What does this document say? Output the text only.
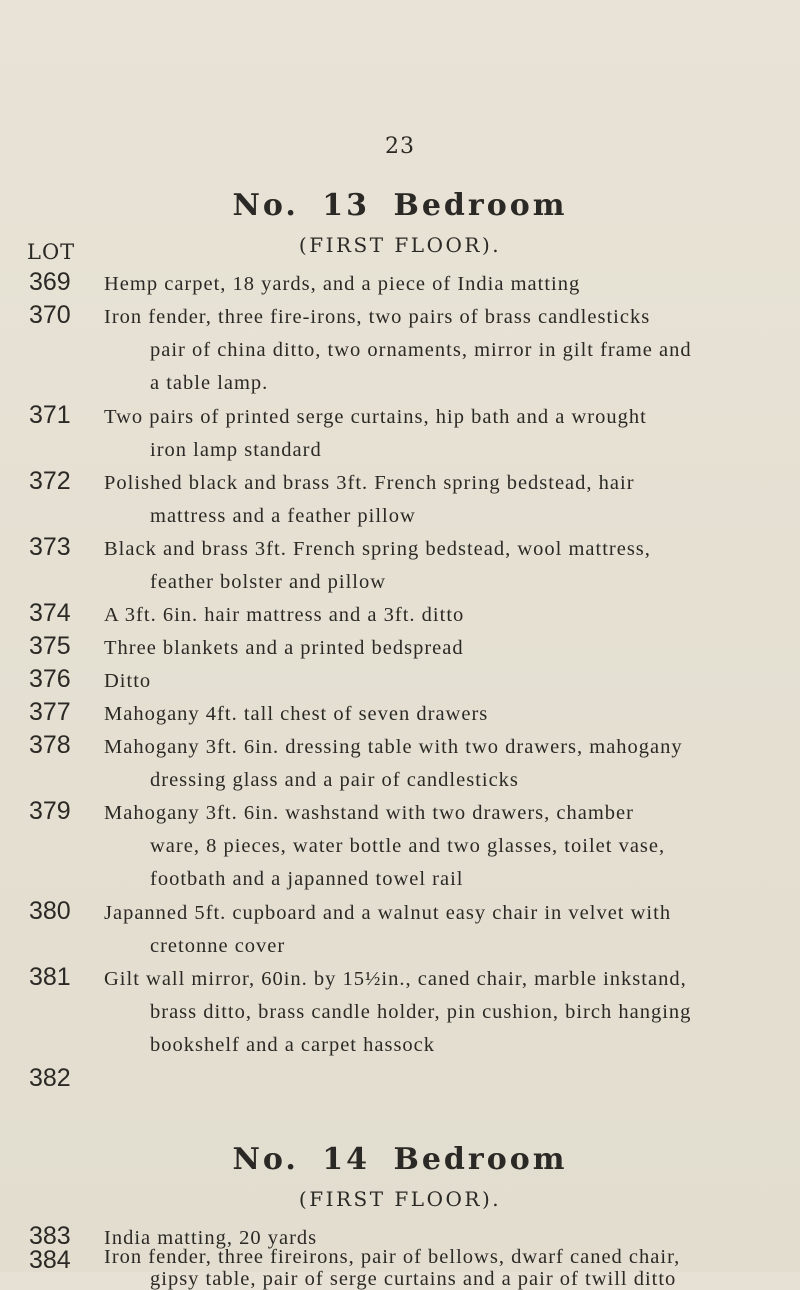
23
No. 13 Bedroom
(FIRST FLOOR).
LOT
369 Hemp carpet, 18 yards, and a piece of India matting
370 Iron fender, three fire-irons, two pairs of brass candlesticks
pair of china ditto, two ornaments, mirror in gilt frame and
a table lamp.
371 Two pairs of printed serge curtains, hip bath and a wrought
iron lamp standard
372 Polished black and brass 3ft. French spring bedstead, hair
mattress and a feather pillow
373 Black and brass 3ft. French spring bedstead, wool mattress,
feather bolster and pillow
374 A 3ft. 6in. hair mattress and a 3ft. ditto
375 Three blankets and a printed bedspread
376 Ditto
377 Mahogany 4ft. tall chest of seven drawers
378 Mahogany 3ft. 6in. dressing table with two drawers, mahogany
dressing glass and a pair of candlesticks
379 Mahogany 3ft. 6in. washstand with two drawers, chamber
ware, 8 pieces, water bottle and two glasses, toilet vase,
footbath and a japanned towel rail
380 Japanned 5ft. cupboard and a walnut easy chair in velvet with
cretonne cover
381 Gilt wall mirror, 60in. by 15½in., caned chair, marble inkstand,
brass ditto, brass candle holder, pin cushion, birch hanging
bookshelf and a carpet hassock
382
No. 14 Bedroom
(FIRST FLOOR).
383 India matting, 20 yards
384 Iron fender, three fireirons, pair of bellows, dwarf caned chair,
gipsy table, pair of serge curtains and a pair of twill ditto
